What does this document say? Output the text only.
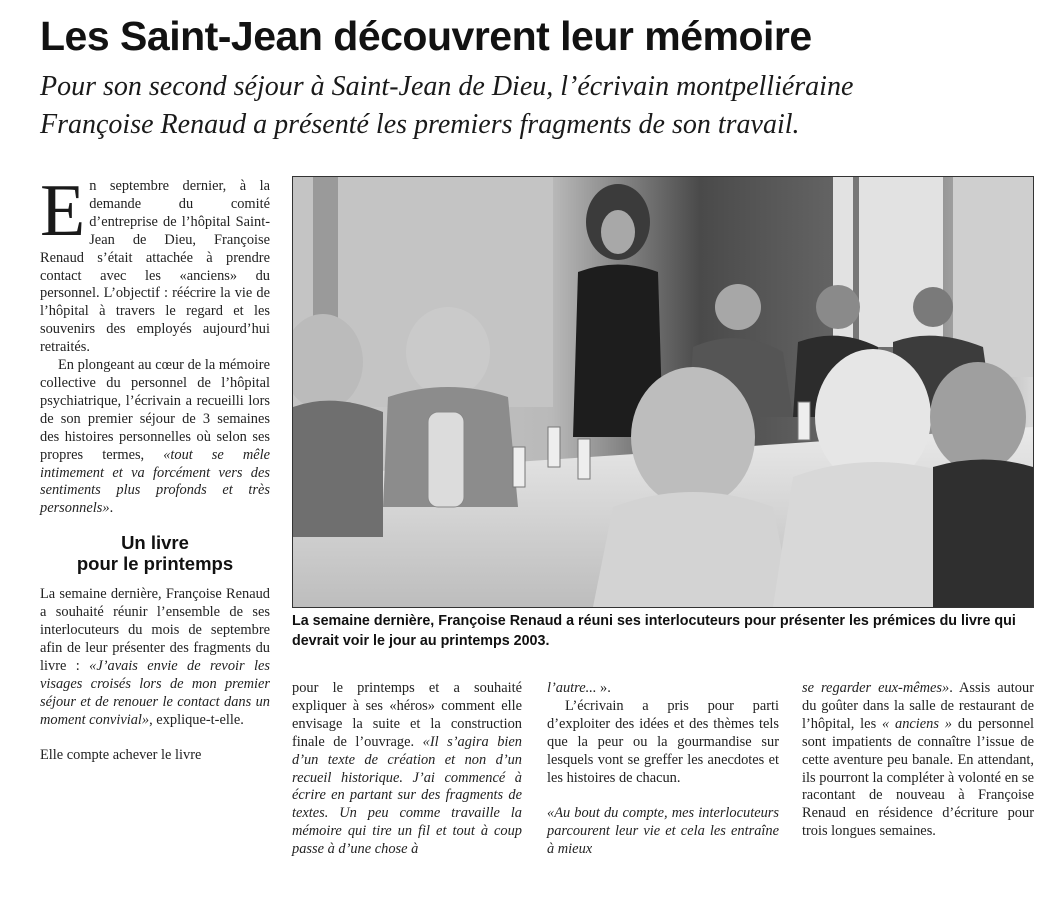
Les Saint-Jean découvrent leur mémoire
Pour son second séjour à Saint-Jean de Dieu, l’écrivain montpelliéraine
Françoise Renaud a présenté les premiers fragments de son travail.

En septembre dernier, à la demande du comité d’entreprise de l’hôpital Saint-Jean de Dieu, Françoise Renaud s’était attachée à prendre contact avec les «anciens» du personnel. L’objectif : réécrire la vie de l’hôpital à travers le regard et les souvenirs des employés aujourd’hui retraités.

En plongeant au cœur de la mémoire collective du personnel de l’hôpital psychiatrique, l’écrivain a recueilli lors de son premier séjour de 3 semaines des histoires personnelles où selon ses propres termes, «tout se mêle intimement et va forcément vers des sentiments plus profonds et très personnels».

Un livre
pour le printemps

La semaine dernière, Françoise Renaud a souhaité réunir l’ensemble de ses interlocuteurs du mois de septembre afin de leur présenter des fragments du livre : «J’avais envie de revoir les visages croisés lors de mon premier séjour et de renouer le contact dans un moment convivial», explique-t-elle.

Elle compte achever le livre

La semaine dernière, Françoise Renaud a réuni ses interlocuteurs pour présenter les prémices du livre qui devrait voir le jour au printemps 2003.

pour le printemps et a souhaité expliquer à ses «héros» comment elle envisage la suite et la construction finale de l’ouvrage. «Il s’agira bien d’un texte de création et non d’un recueil historique. J’ai commencé à écrire en partant sur des fragments de textes. Un peu comme travaille la mémoire qui tire un fil et tout à coup passe à d’une chose à

l’autre... ».

L’écrivain a pris pour parti d’exploiter des idées et des thèmes tels que la peur ou la gourmandise sur lesquels vont se greffer les anecdotes et les histoires de chacun.

«Au bout du compte, mes interlocuteurs parcourent leur vie et cela les entraîne à mieux

se regarder eux-mêmes». Assis autour du goûter dans la salle de restaurant de l’hôpital, les « anciens » du personnel sont impatients de connaître l’issue de cette aventure peu banale. En attendant, ils pourront la compléter à volonté en se racontant de nouveau à Françoise Renaud en résidence d’écriture pour trois longues semaines.
